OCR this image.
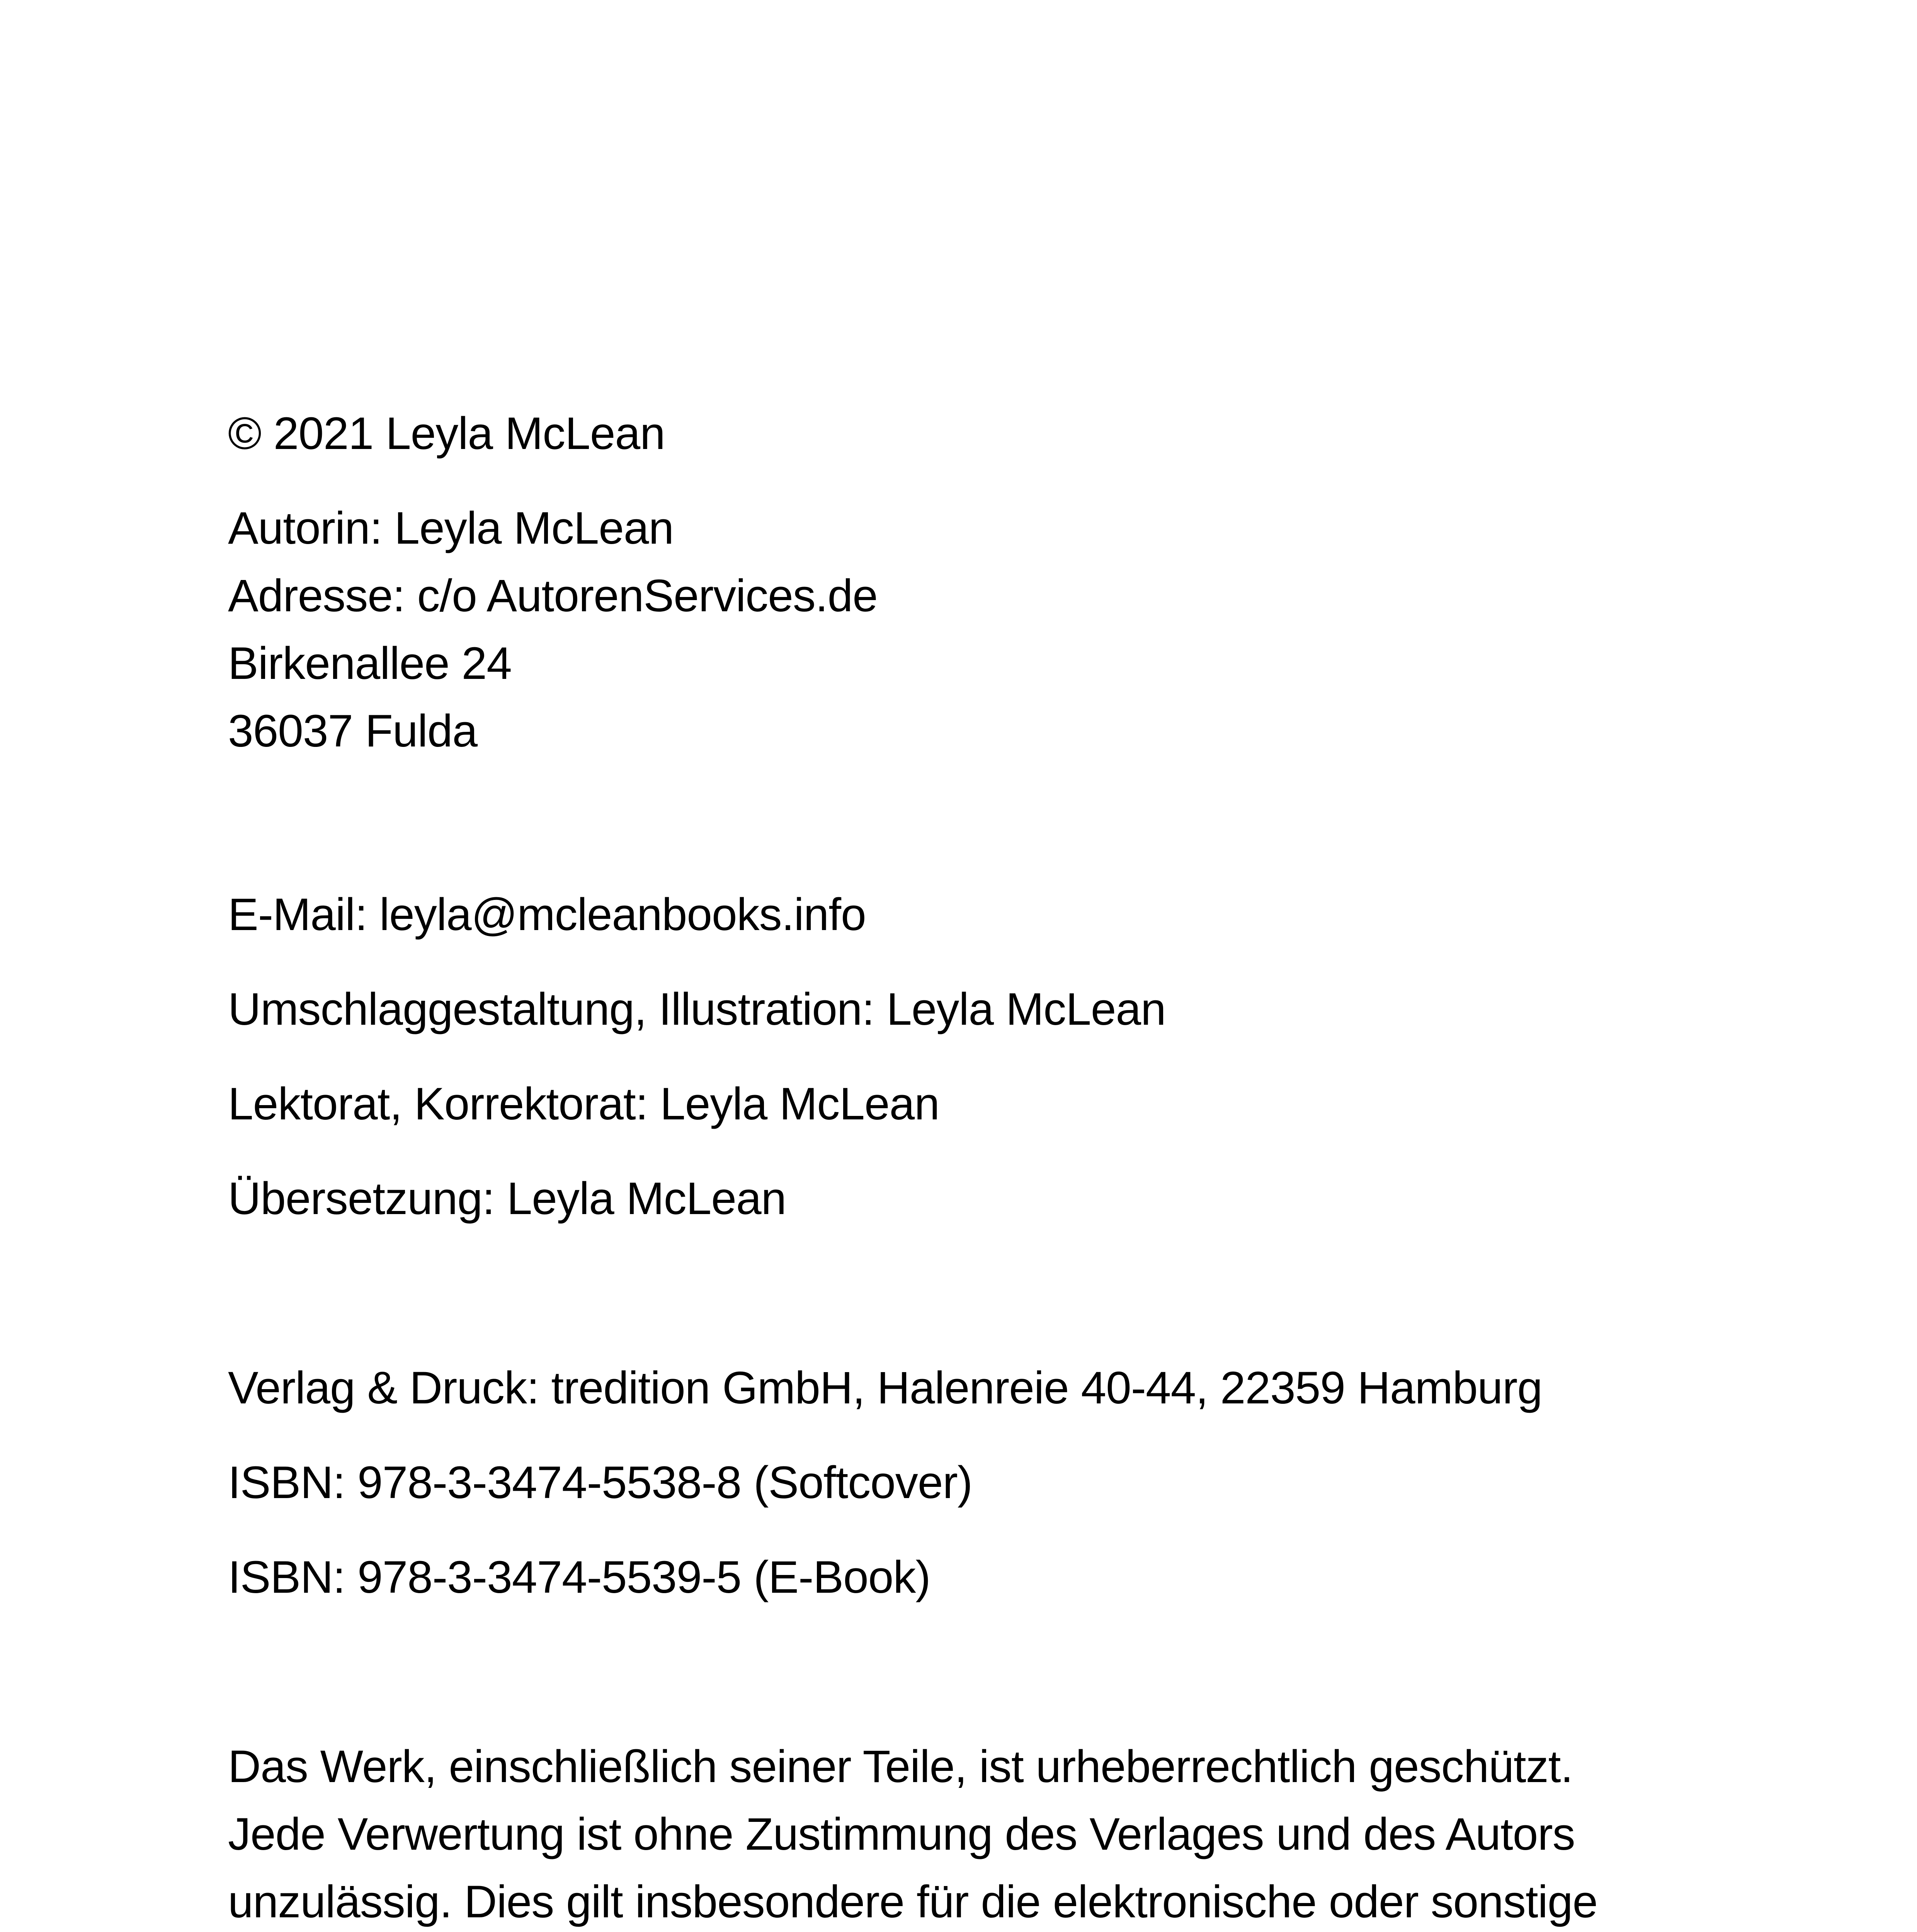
© 2021 Leyla McLean

Autorin: Leyla McLean

Adresse: c/o AutorenServices.de

Birkenallee 24

36037 Fulda

E-Mail: leyla@mcleanbooks.info

Umschlaggestaltung, Illustration: Leyla McLean

Lektorat, Korrektorat: Leyla McLean

Übersetzung: Leyla McLean

Verlag & Druck: tredition GmbH, Halenreie 40-44, 22359 Hamburg

ISBN: 978-3-3474-5538-8 (Softcover)

ISBN: 978-3-3474-5539-5 (E-Book)

Das Werk, einschließlich seiner Teile, ist urheberrechtlich geschützt.
Jede Verwertung ist ohne Zustimmung des Verlages und des Autors
unzulässig. Dies gilt insbesondere für die elektronische oder sonstige
